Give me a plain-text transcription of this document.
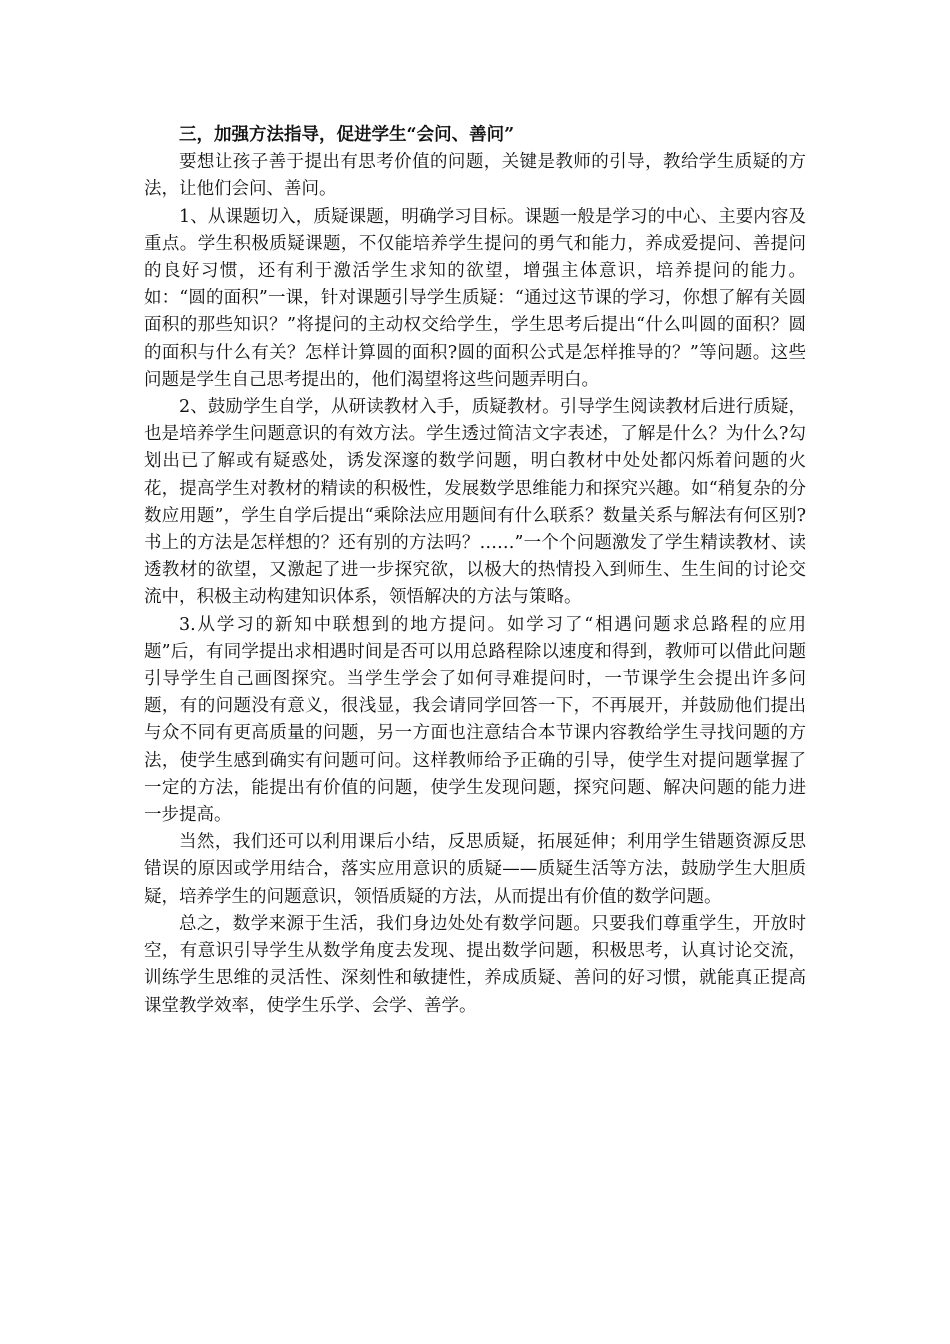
三，加强方法指导，促进学生“会问、善问”

要想让孩子善于提出有思考价值的问题，关键是教师的引导，教给学生质疑的方法，让他们会问、善问。

1、从课题切入，质疑课题，明确学习目标。课题一般是学习的中心、主要内容及重点。学生积极质疑课题，不仅能培养学生提问的勇气和能力，养成爱提问、善提问的良好习惯，还有利于激活学生求知的欲望，增强主体意识，培养提问的能力。如：“圆的面积”一课，针对课题引导学生质疑：“通过这节课的学习，你想了解有关圆面积的那些知识？”将提问的主动权交给学生，学生思考后提出“什么叫圆的面积？圆的面积与什么有关？怎样计算圆的面积?圆的面积公式是怎样推导的？”等问题。这些问题是学生自己思考提出的，他们渴望将这些问题弄明白。

2、鼓励学生自学，从研读教材入手，质疑教材。引导学生阅读教材后进行质疑，也是培养学生问题意识的有效方法。学生透过简洁文字表述，了解是什么？为什么?勾划出已了解或有疑惑处，诱发深邃的数学问题，明白教材中处处都闪烁着问题的火花，提高学生对教材的精读的积极性，发展数学思维能力和探究兴趣。如“稍复杂的分数应用题”，学生自学后提出“乘除法应用题间有什么联系？数量关系与解法有何区别?书上的方法是怎样想的？还有别的方法吗？……”一个个问题激发了学生精读教材、读透教材的欲望，又激起了进一步探究欲，以极大的热情投入到师生、生生间的讨论交流中，积极主动构建知识体系，领悟解决的方法与策略。

3.从学习的新知中联想到的地方提问。如学习了“相遇问题求总路程的应用题”后，有同学提出求相遇时间是否可以用总路程除以速度和得到，教师可以借此问题引导学生自己画图探究。当学生学会了如何寻难提问时，一节课学生会提出许多问题，有的问题没有意义，很浅显，我会请同学回答一下，不再展开，并鼓励他们提出与众不同有更高质量的问题，另一方面也注意结合本节课内容教给学生寻找问题的方法，使学生感到确实有问题可问。这样教师给予正确的引导，使学生对提问题掌握了一定的方法，能提出有价值的问题，使学生发现问题，探究问题、解决问题的能力进一步提高。

当然，我们还可以利用课后小结，反思质疑，拓展延伸；利用学生错题资源反思错误的原因或学用结合，落实应用意识的质疑——质疑生活等方法，鼓励学生大胆质疑，培养学生的问题意识，领悟质疑的方法，从而提出有价值的数学问题。

总之，数学来源于生活，我们身边处处有数学问题。只要我们尊重学生，开放时空，有意识引导学生从数学角度去发现、提出数学问题，积极思考，认真讨论交流，训练学生思维的灵活性、深刻性和敏捷性，养成质疑、善问的好习惯，就能真正提高课堂教学效率，使学生乐学、会学、善学。
